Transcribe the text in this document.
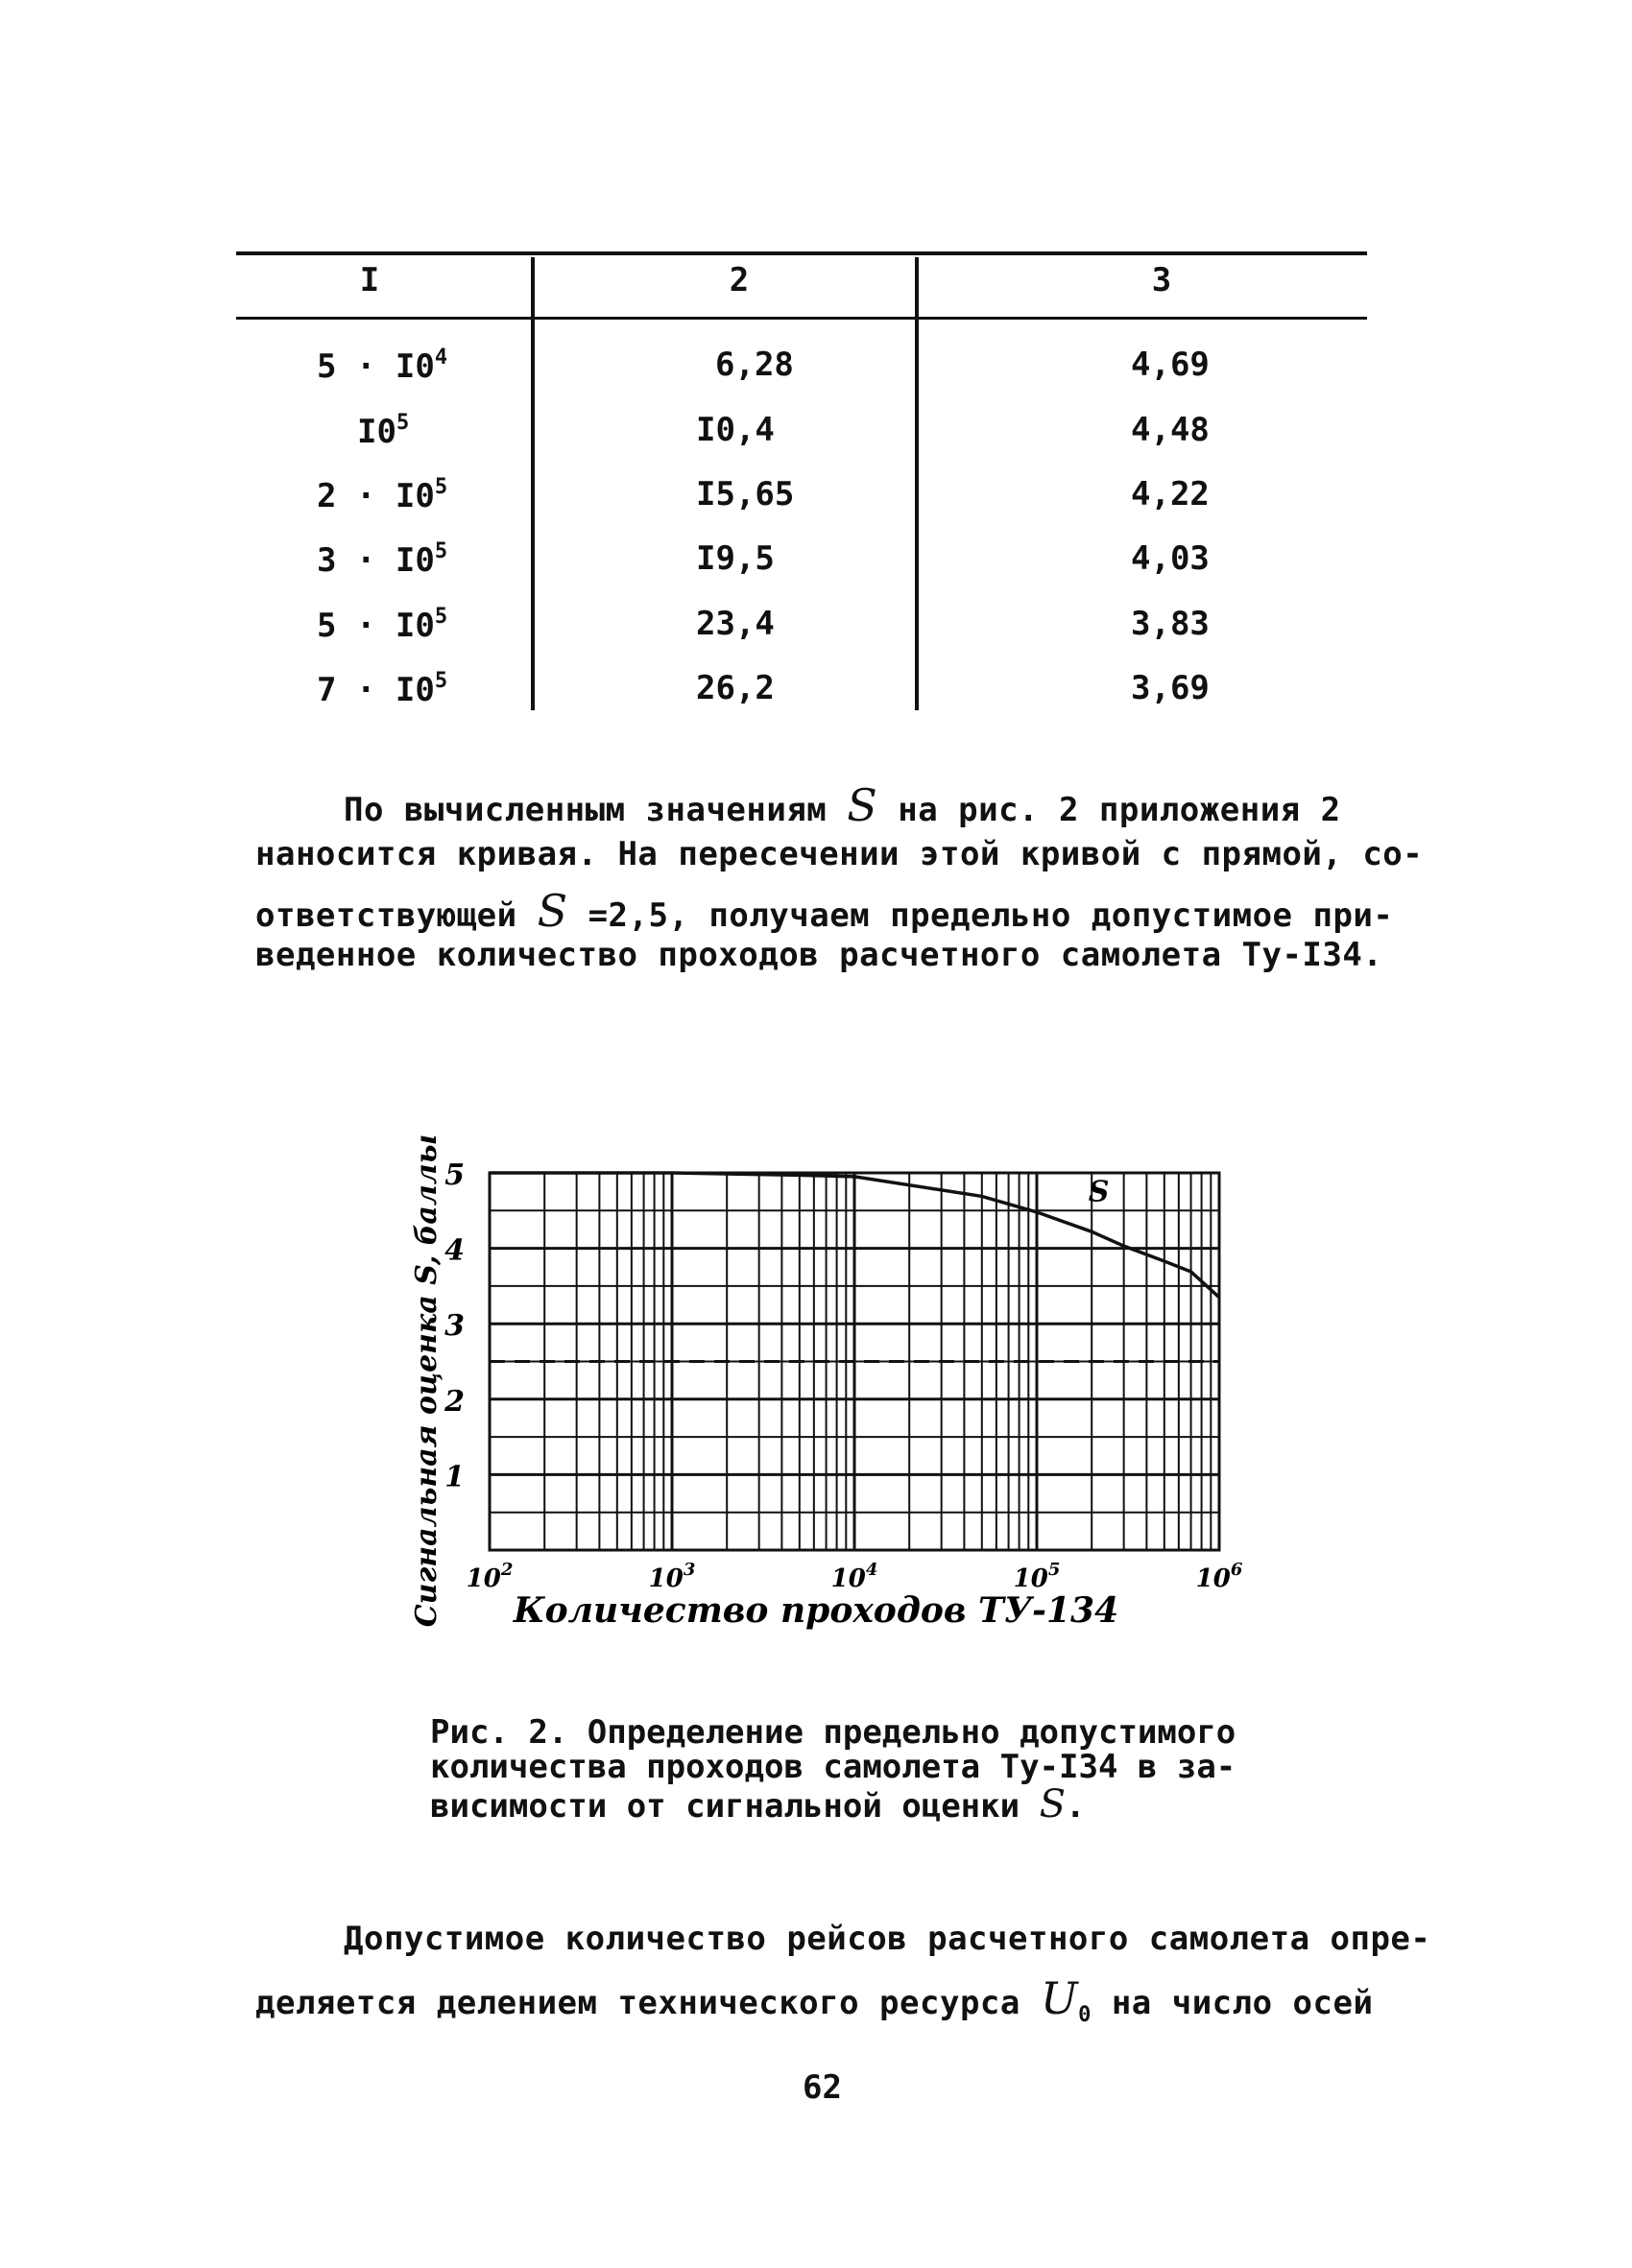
I	2	3
$5 \cdot I0^4$	6,28	4,69
$I0^5$	I0,4	4,48
$2 \cdot I0^5$	I5,65	4,22
$3 \cdot I0^5$	I9,5	4,03
$5 \cdot I0^5$	23,4	3,83
$7 \cdot I0^5$	26,2	3,69
По вычисленным значениям S на рис. 2 приложения 2
наносится кривая. На пересечении этой кривой с прямой, со-
ответствующей S =2,5, получаем предельно допустимое при-
веденное количество проходов расчетного самолета Ту-I34.
S
1
2
3
4
5
$10^2$	$10^3$	$10^4$	$10^5$	$10^6$
Количество проходов ТУ-134
Сигнальная оценка S, баллы
Рис. 2. Определение предельно допустимого
количества проходов самолета Ту-I34 в за-
висимости от сигнальной оценки S.
Допустимое количество рейсов расчетного самолета опре-
деляется делением технического ресурса $U_0$ на число осей
62
